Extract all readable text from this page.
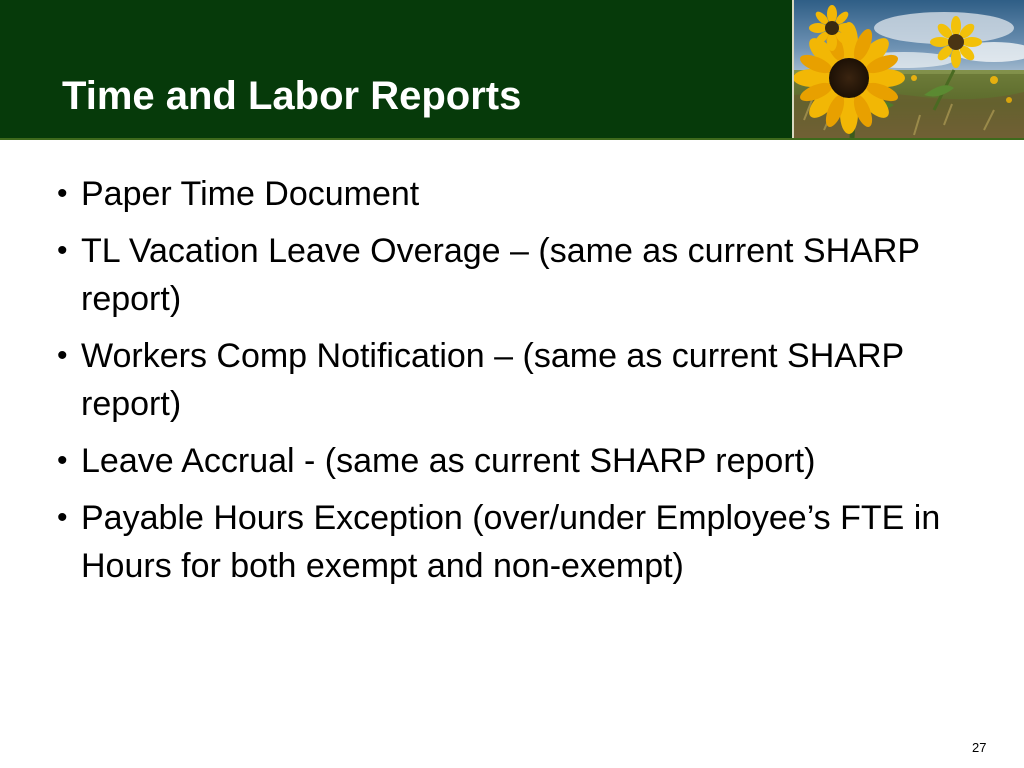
Time and Labor Reports
• Paper Time Document
• TL Vacation Leave Overage – (same as current SHARP report)
• Workers Comp Notification – (same as current SHARP report)
• Leave Accrual - (same as current SHARP report)
• Payable Hours Exception (over/under Employee’s FTE in Hours for both exempt and non-exempt)
27
